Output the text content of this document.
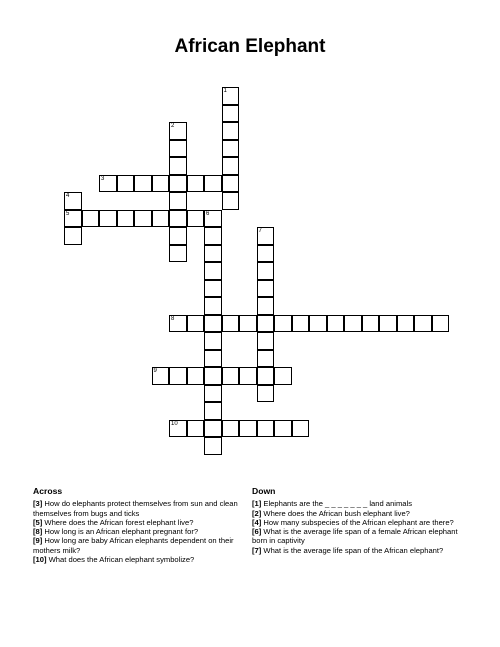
African Elephant
1
2
3
4
5	6
7
8
9
10
Across
[3] How do elephants protect themselves from sun and clean themselves from bugs and ticks
[5] Where does the African forest elephant live?
[8] How long is an African elephant pregnant for?
[9] How long are baby African elephants dependent on their mothers milk?
[10] What does the African elephant symbolize?
Down
[1] Elephants are the _ _ _ _ _ _ _ land animals
[2] Where does the African bush elephant live?
[4] How many subspecies of the African elephant are there?
[6] What is the average life span of a female African elephant born in captivity
[7] What is the average life span of the African elephant?
